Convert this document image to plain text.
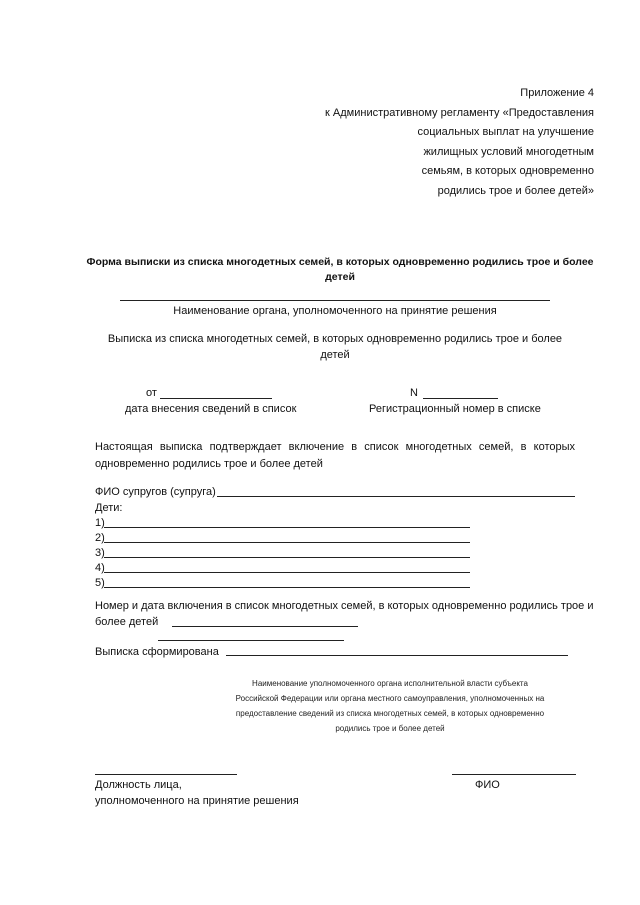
Приложение 4
к Административному регламенту «Предоставления
социальных выплат на улучшение
жилищных условий многодетным
семьям, в которых одновременно
родились трое и более детей»
Форма выписки из списка многодетных семей, в которых одновременно родились трое и более детей
Наименование органа, уполномоченного на принятие решения
Выписка из списка многодетных семей, в которых одновременно родились трое и более детей
от
дата внесения сведений в список
N
Регистрационный номер в списке
Настоящая выписка подтверждает включение в список многодетных семей, в которых одновременно родились трое и более детей
ФИО супругов (супруга)
Дети:
1)
2)
3)
4)
5)
Номер и дата включения в список многодетных семей, в которых одновременно родились трое и более детей
Выписка сформирована
Наименование уполномоченного органа исполнительной власти субъекта Российской Федерации или органа местного самоуправления, уполномоченных на предоставление сведений из списка многодетных семей, в которых одновременно родились трое и более детей
Должность лица,
уполномоченного на принятие решения
ФИО
